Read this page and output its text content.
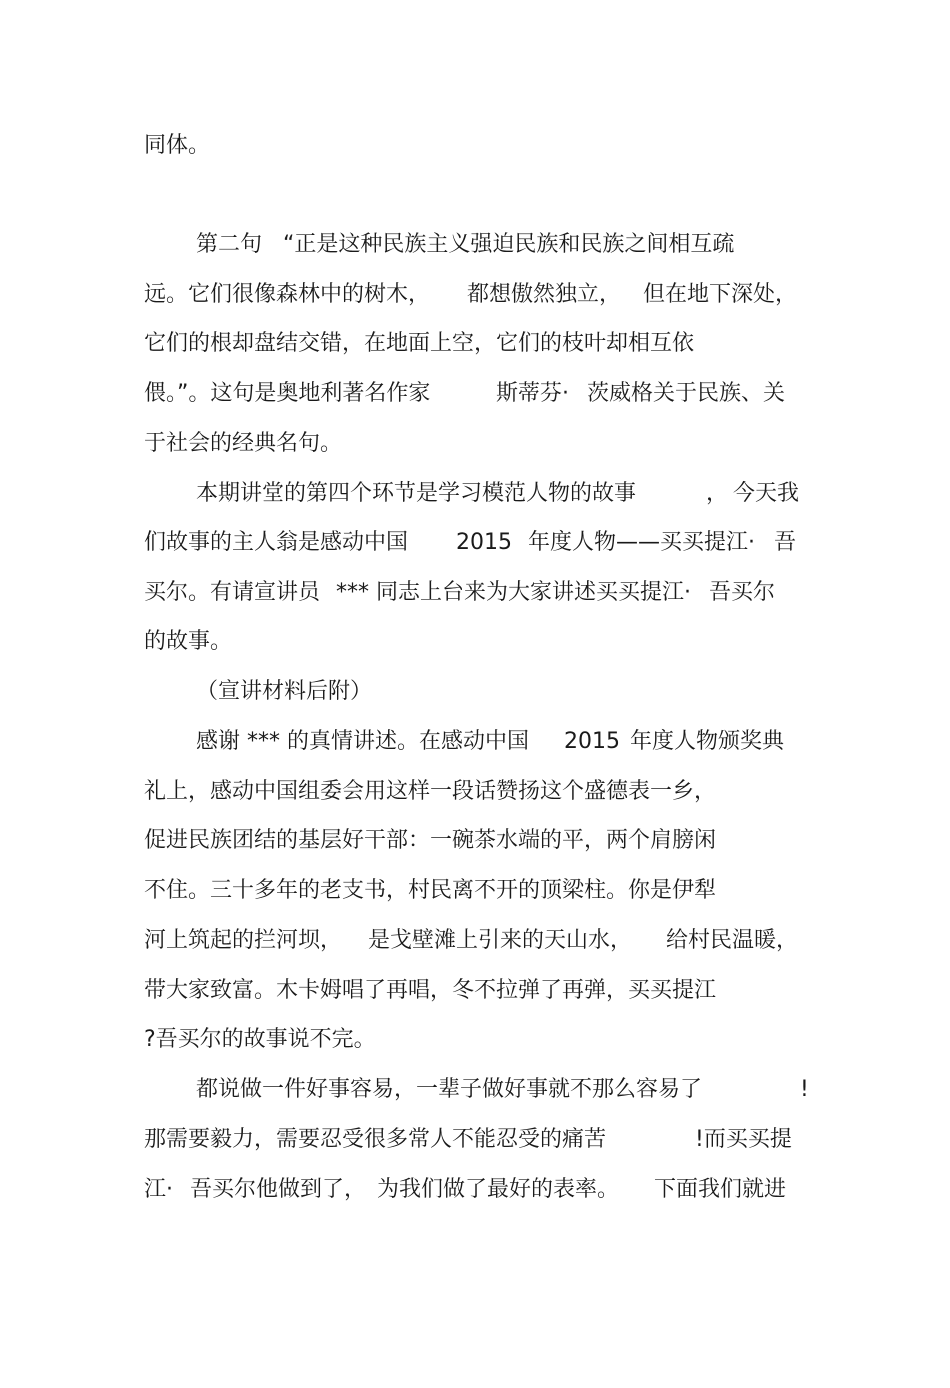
同体。

第二句

“正是这种民族主义强迫民族和民族之间相互疏

远。它们很像森林中的树木，

都想傲然独立，

但在地下深处，

它们的根却盘结交错，在地面上空，它们的枝叶却相互依

偎。”。这句是奥地利著名作家

	斯蒂芬·

茨威格关于民族、关

于社会的经典名句。

本期讲堂的第四个环节是学习模范人物的故事

	，

今天我

们故事的主人翁是感动中国

2015

年度人物——买买提江·

吾

买尔。有请宣讲员

*** 同志上台来为大家讲述买买提江·

吾买尔

的故事。

（宣讲材料后附）

感谢 *** 的真情讲述。在感动中国

2015

年度人物颁奖典

礼上，感动中国组委会用这样一段话赞扬这个盛德表一乡，

促进民族团结的基层好干部：一碗茶水端的平，两个肩膀闲

不住。三十多年的老支书，村民离不开的顶梁柱。你是伊犁

河上筑起的拦河坝，

是戈壁滩上引来的天山水，

给村民温暖，

带大家致富。木卡姆唱了再唱，冬不拉弹了再弹，买买提江

?吾买尔的故事说不完。

都说做一件好事容易，一辈子做好事就不那么容易了

	!

那需要毅力，需要忍受很多常人不能忍受的痛苦

	!而买买提

江·

吾买尔他做到了，

为我们做了最好的表率。

下面我们就进
